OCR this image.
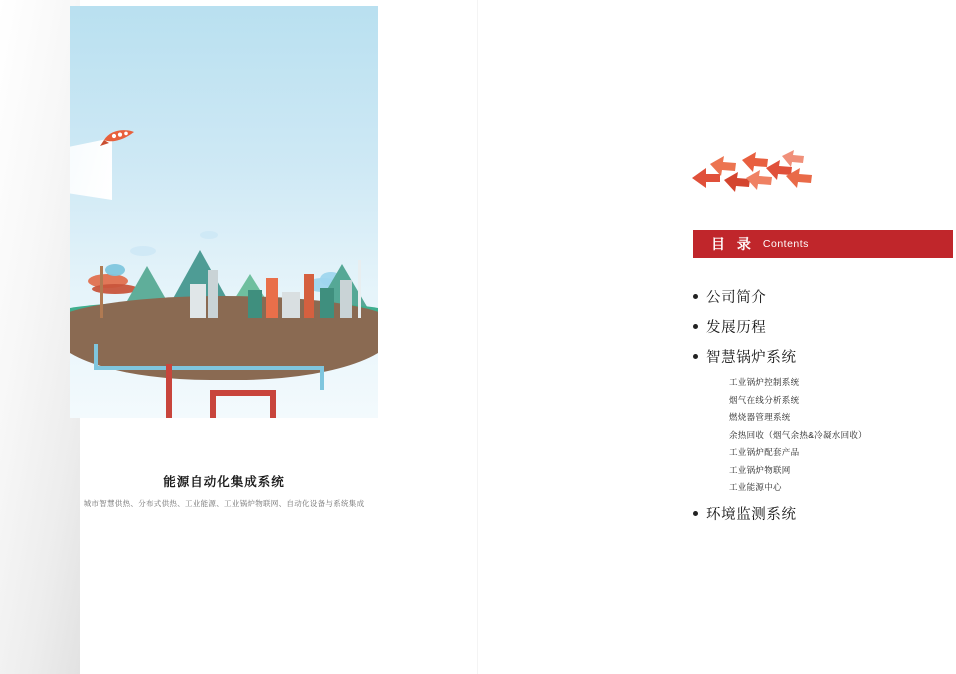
能源自动化集成系统
城市智慧供热、分布式供热、工业能源、工业锅炉物联网、自动化设备与系统集成
目 录 Contents
公司简介
发展历程
智慧锅炉系统
工业锅炉控制系统
烟气在线分析系统
燃烧器管理系统
余热回收（烟气余热&冷凝水回收）
工业锅炉配套产品
工业锅炉物联网
工业能源中心
环境监测系统
